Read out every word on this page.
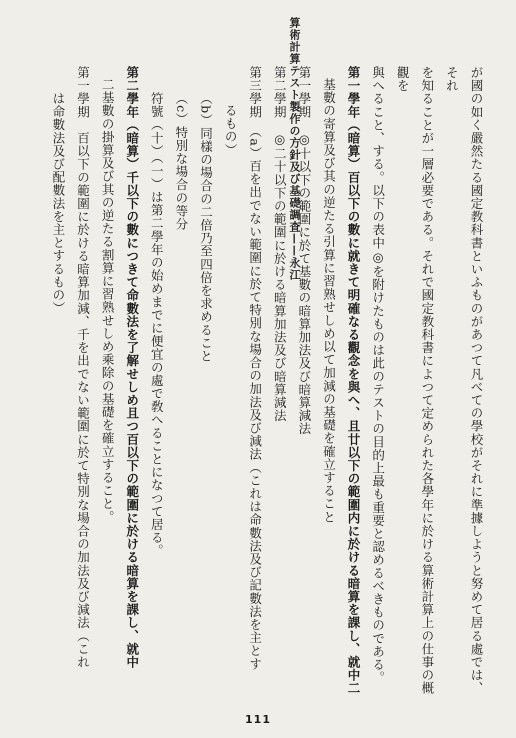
算術計算テスト製作の方針及び基礎調査——永江	が國の如く嚴然たる國定教科書といふものがあつて凡べての學校がそれに準據しようと努めて居る處では、それ

を知ることが一層必要である。それで國定教科書によつて定められた各學年に於ける算術計算上の仕事の概觀を

與へること、する。以下の表中◎を附けたものは此のテストの目的上最も重要と認めるべきものである。

第一學年（暗算）百以下の數に就きて明確なる觀念を與へ、且廿以下の範圍内に於ける暗算を課し、就中二

基數の寄算及び其の逆たる引算に習熟せしめ以て加減の基礎を確立すること

第一學期　◎十以下の範圍に於て基數の暗算加法及び暗算減法

第二學期　◎二十以下の範圍に於ける暗算加法及び暗算減法

第三學期　（a）百を出でない範圍に於て特別な場合の加法及び減法（これは命數法及び記數法を主とす

るもの）

（b）同樣の場合の二倍乃至四倍を求めること

（c）特別な場合の等分

符號（十）（一）は第二學年の始めまでに便宜の處で敎へることになつて居る。

第二學年（暗算）千以下の數につきて命數法を了解せしめ且つ百以下の範圍に於ける暗算を課し、就中

二基數の掛算及び其の逆たる割算に習熟せしめ乘除の基礎を確立すること。

第一學期　百以下の範圍に於ける暗算加減、千を出でない範圍に於て特別な場合の加法及び減法（これ

は命數法及び配數法を主とするもの）

111
